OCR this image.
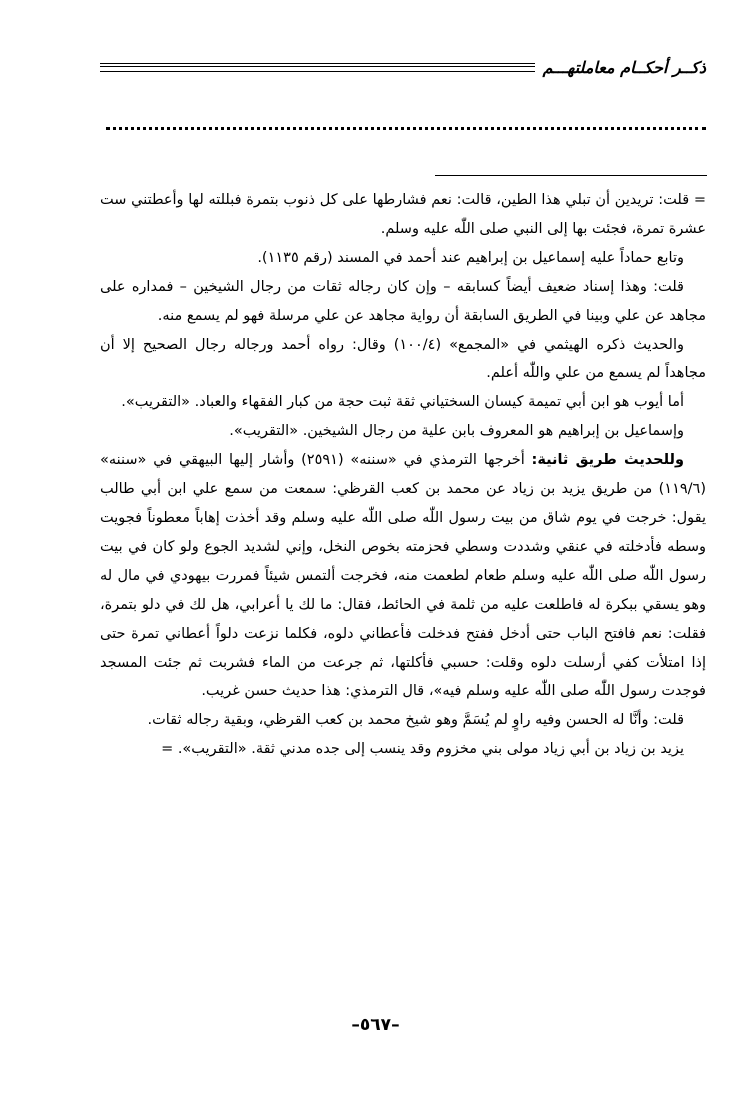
ذكــر أحكــام معاملتهـــم

= قلت: تريدين أن تبلي هذا الطين، قالت: نعم فشارطها على كل ذنوب بتمرة فبللته لها وأعطتني ست عشرة تمرة، فجئت بها إلى النبي صلى اللّٰه عليه وسلم.

وتابع حماداً عليه إسماعيل بن إبراهيم عند أحمد في المسند (رقم ١١٣٥).

قلت: وهذا إسناد ضعيف أيضاً كسابقه – وإن كان رجاله ثقات من رجال الشيخين – فمداره على مجاهد عن علي وبينا في الطريق السابقة أن رواية مجاهد عن علي مرسلة فهو لم يسمع منه.

والحديث ذكره الهيثمي في «المجمع» (١٠٠/٤) وقال: رواه أحمد ورجاله رجال الصحيح إلا أن مجاهداً لم يسمع من علي واللّٰه أعلم.

أما أيوب هو ابن أبي تميمة كيسان السختياني ثقة ثبت حجة من كبار الفقهاء والعباد. «التقريب».

وإسماعيل بن إبراهيم هو المعروف بابن علية من رجال الشيخين. «التقريب».

وللحديث طريق ثانية: أخرجها الترمذي في «سننه» (٢٥٩١) وأشار إليها البيهقي في «سننه» (١١٩/٦) من طريق يزيد بن زياد عن محمد بن كعب القرظي: سمعت من سمع علي ابن أبي طالب يقول: خرجت في يوم شاق من بيت رسول اللّٰه صلى اللّٰه عليه وسلم وقد أخذت إهاباً معطوناً فجويت وسطه فأدخلته في عنقي وشددت وسطي فحزمته بخوص النخل، وإني لشديد الجوع ولو كان في بيت رسول اللّٰه صلى اللّٰه عليه وسلم طعام لطعمت منه، فخرجت ألتمس شيئاً فمررت بيهودي في مال له وهو يسقي ببكرة له فاطلعت عليه من ثلمة في الحائط، فقال: ما لك يا أعرابي، هل لك في دلو بتمرة، فقلت: نعم فافتح الباب حتى أدخل ففتح فدخلت فأعطاني دلوه، فكلما نزعت دلواً أعطاني تمرة حتى إذا امتلأت كفي أرسلت دلوه وقلت: حسبي فأكلتها، ثم جرعت من الماء فشربت ثم جئت المسجد فوجدت رسول اللّٰه صلى اللّٰه عليه وسلم فيه»، قال الترمذي: هذا حديث حسن غريب.

قلت: وأنَّا له الحسن وفيه راوٍ لم يُسَمَّ وهو شيخ محمد بن كعب القرظي، وبقية رجاله ثقات.

يزيد بن زياد بن أبي زياد مولى بني مخزوم وقد ينسب إلى جده مدني ثقة. «التقريب». =

–٥٦٧–
